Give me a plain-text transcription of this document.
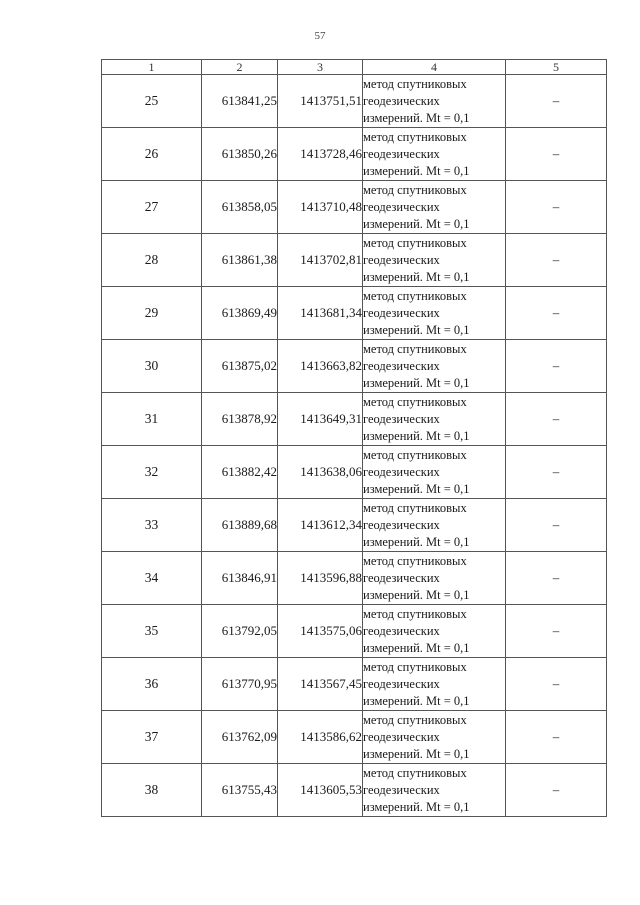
57
1	2	3	4	5
25	613841,25	1413751,51	метод спутниковых
геодезических
измерений. Mt = 0,1	–
26	613850,26	1413728,46	метод спутниковых
геодезических
измерений. Mt = 0,1	–
27	613858,05	1413710,48	метод спутниковых
геодезических
измерений. Mt = 0,1	–
28	613861,38	1413702,81	метод спутниковых
геодезических
измерений. Mt = 0,1	–
29	613869,49	1413681,34	метод спутниковых
геодезических
измерений. Mt = 0,1	–
30	613875,02	1413663,82	метод спутниковых
геодезических
измерений. Mt = 0,1	–
31	613878,92	1413649,31	метод спутниковых
геодезических
измерений. Mt = 0,1	–
32	613882,42	1413638,06	метод спутниковых
геодезических
измерений. Mt = 0,1	–
33	613889,68	1413612,34	метод спутниковых
геодезических
измерений. Mt = 0,1	–
34	613846,91	1413596,88	метод спутниковых
геодезических
измерений. Mt = 0,1	–
35	613792,05	1413575,06	метод спутниковых
геодезических
измерений. Mt = 0,1	–
36	613770,95	1413567,45	метод спутниковых
геодезических
измерений. Mt = 0,1	–
37	613762,09	1413586,62	метод спутниковых
геодезических
измерений. Mt = 0,1	–
38	613755,43	1413605,53	метод спутниковых
геодезических
измерений. Mt = 0,1	–
